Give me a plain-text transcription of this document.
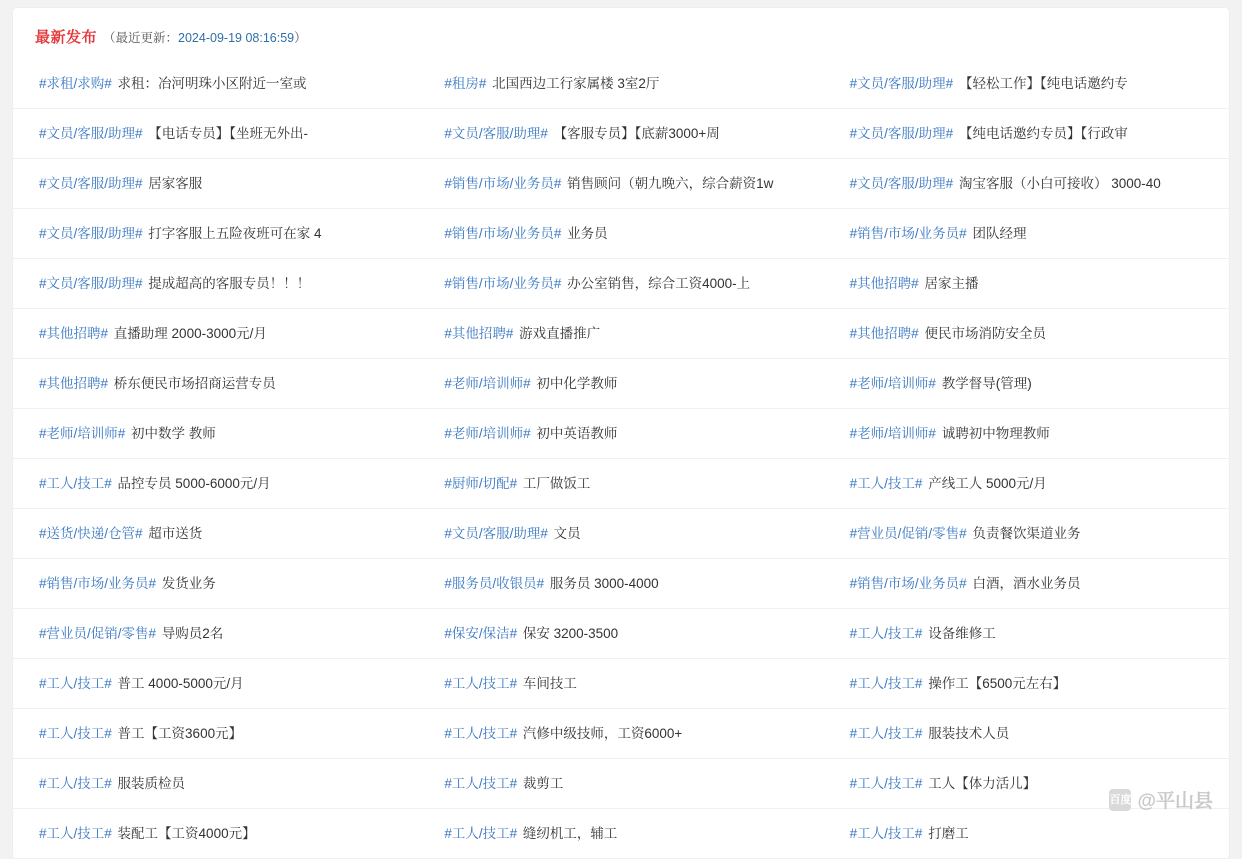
最新发布 （最近更新：2024-09-19 08:16:59）
#求租/求购# 求租：冶河明珠小区附近一室或	#租房# 北国西边工行家属楼 3室2厅	#文员/客服/助理# 【轻松工作】【纯电话邀约专
#文员/客服/助理# 【电话专员】【坐班无外出-	#文员/客服/助理# 【客服专员】【底薪3000+周	#文员/客服/助理# 【纯电话邀约专员】【行政审
#文员/客服/助理# 居家客服	#销售/市场/业务员# 销售顾问（朝九晚六，综合薪资1w	#文员/客服/助理# 淘宝客服（小白可接收） 3000-40
#文员/客服/助理# 打字客服上五险夜班可在家 4	#销售/市场/业务员# 业务员	#销售/市场/业务员# 团队经理
#文员/客服/助理# 提成超高的客服专员！！！	#销售/市场/业务员# 办公室销售，综合工资4000-上	#其他招聘# 居家主播
#其他招聘# 直播助理 2000-3000元/月	#其他招聘# 游戏直播推广	#其他招聘# 便民市场消防安全员
#其他招聘# 桥东便民市场招商运营专员	#老师/培训师# 初中化学教师	#老师/培训师# 教学督导(管理)
#老师/培训师# 初中数学 教师	#老师/培训师# 初中英语教师	#老师/培训师# 诚聘初中物理教师
#工人/技工# 品控专员 5000-6000元/月	#厨师/切配# 工厂做饭工	#工人/技工# 产线工人 5000元/月
#送货/快递/仓管# 超市送货	#文员/客服/助理# 文员	#营业员/促销/零售# 负责餐饮渠道业务
#销售/市场/业务员# 发货业务	#服务员/收银员# 服务员 3000-4000	#销售/市场/业务员# 白酒，酒水业务员
#营业员/促销/零售# 导购员2名	#保安/保洁# 保安 3200-3500	#工人/技工# 设备维修工
#工人/技工# 普工 4000-5000元/月	#工人/技工# 车间技工	#工人/技工# 操作工【6500元左右】
#工人/技工# 普工【工资3600元】	#工人/技工# 汽修中级技师，工资6000+	#工人/技工# 服装技术人员
#工人/技工# 服装质检员	#工人/技工# 裁剪工	#工人/技工# 工人【体力活儿】
#工人/技工# 装配工【工资4000元】	#工人/技工# 缝纫机工，辅工	#工人/技工# 打磨工
百度 @平山县
